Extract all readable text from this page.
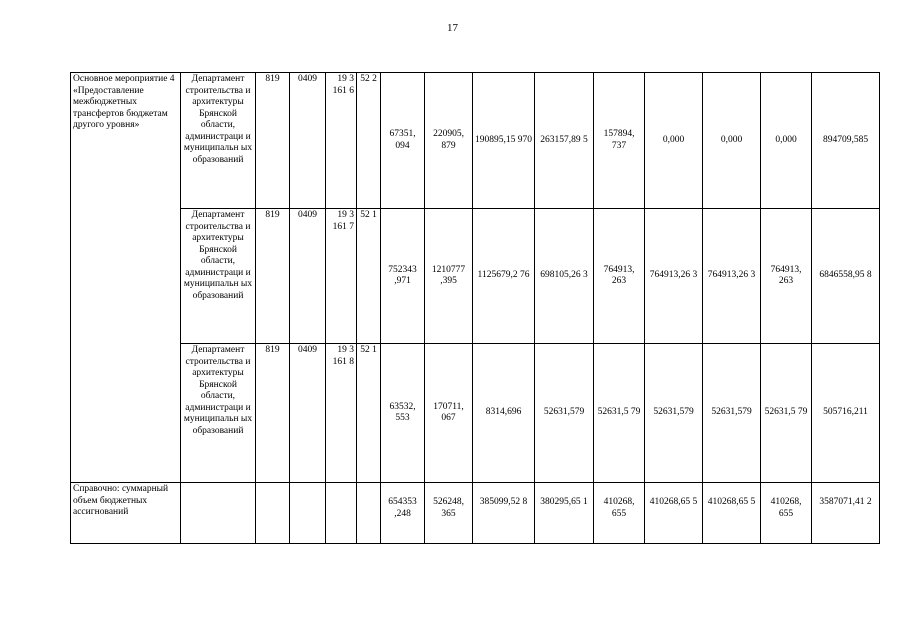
17
Основное мероприятие 4 «Предоставление межбюджетных трансфертов бюджетам другого уровня»	Департамент строительства и архитектуры Брянской области, администраци и муниципальн ых образований	819	0409	19 3 161 6	52 2	67351, 094	220905, 879	190895,15 970	263157,89 5	157894, 737	0,000	0,000	0,000	894709,585
	Департамент строительства и архитектуры Брянской области, администраци и муниципальн ых образований	819	0409	19 3 161 7	52 1	752343 ,971	1210777 ,395	1125679,2 76	698105,26 3	764913, 263	764913,26 3	764913,26 3	764913, 263	6846558,95 8
	Департамент строительства и архитектуры Брянской области, администраци и муниципальн ых образований	819	0409	19 3 161 8	52 1	63532, 553	170711, 067	8314,696	52631,579	52631,5 79	52631,579	52631,579	52631,5 79	505716,211
Справочно: суммарный объем бюджетных ассигнований						654353 ,248	526248, 365	385099,52 8	380295,65 1	410268, 655	410268,65 5	410268,65 5	410268, 655	3587071,41 2
